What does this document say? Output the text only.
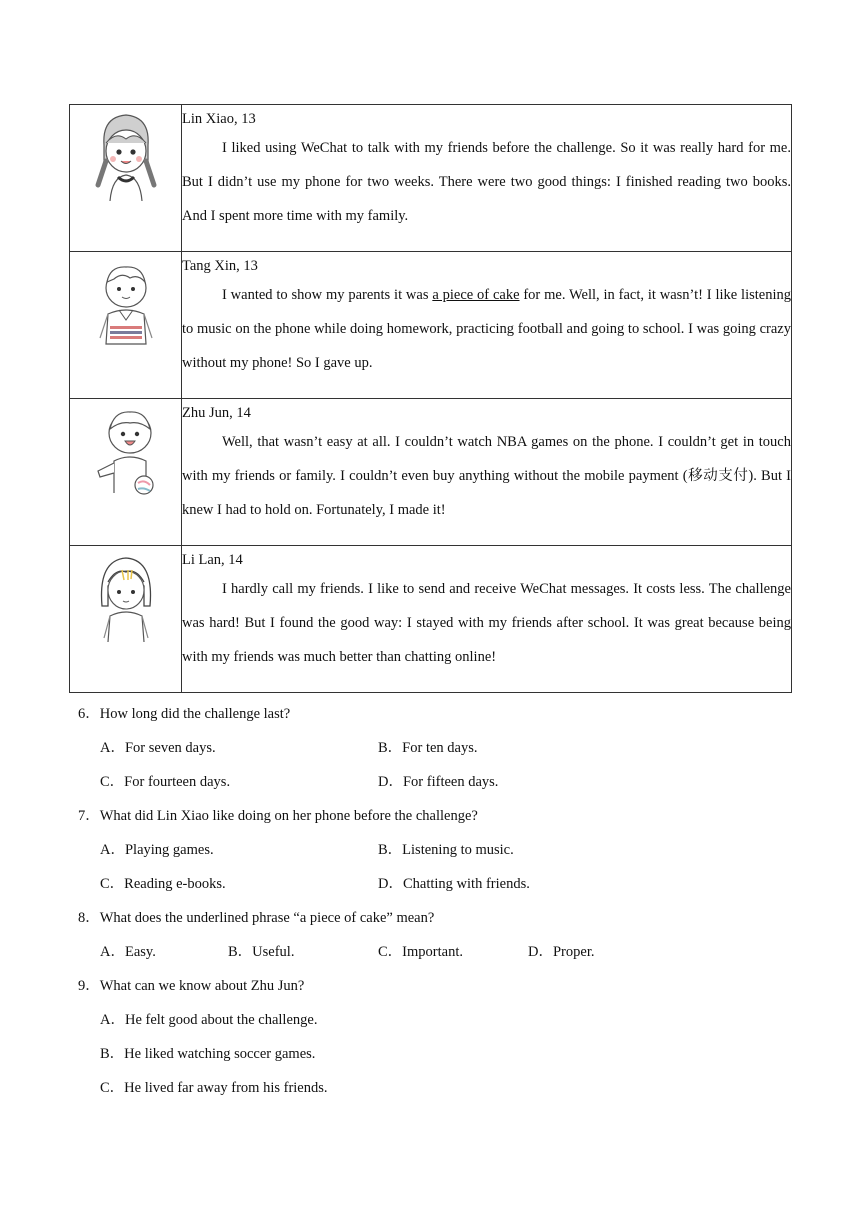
Lin Xiao, 13
I liked using WeChat to talk with my friends before the challenge. So it was really hard for me. But I didn’t use my phone for two weeks. There were two good things: I finished reading two books. And I spent more time with my family.

Tang Xin, 13
I wanted to show my parents it was a piece of cake for me. Well, in fact, it wasn’t! I like listening to music on the phone while doing homework, practicing football and going to school. I was going crazy without my phone! So I gave up.

Zhu Jun, 14
Well, that wasn’t easy at all. I couldn’t watch NBA games on the phone. I couldn’t get in touch with my friends or family. I couldn’t even buy anything without the mobile payment (移动支付). But I knew I had to hold on. Fortunately, I made it!

Li Lan, 14
I hardly call my friends. I like to send and receive WeChat messages. It costs less. The challenge was hard! But I found the good way: I stayed with my friends after school. It was great because being with my friends was much better than chatting online!
6．How long did the challenge last?
A．For seven days.	B．For ten days.
C．For fourteen days.	D．For fifteen days.
7．What did Lin Xiao like doing on her phone before the challenge?
A．Playing games.	B．Listening to music.
C．Reading e-books.	D．Chatting with friends.
8．What does the underlined phrase “a piece of cake” mean?
A．Easy.	B．Useful.	C．Important.	D．Proper.
9．What can we know about Zhu Jun?
A．He felt good about the challenge.
B．He liked watching soccer games.
C．He lived far away from his friends.
